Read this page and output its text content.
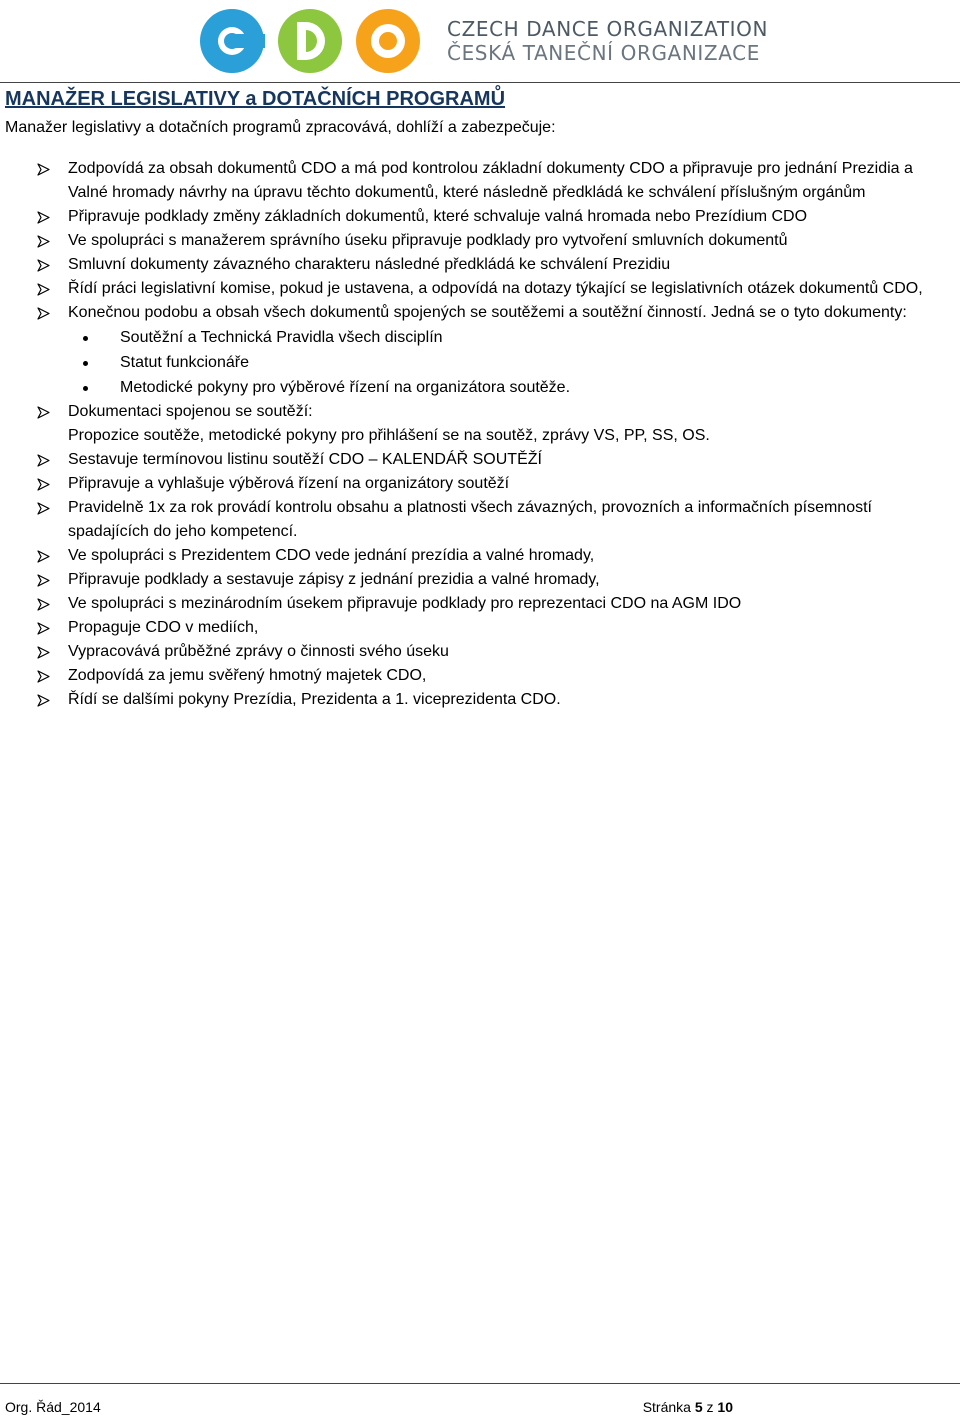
CZECH DANCE ORGANIZATION
ČESKÁ TANEČNÍ ORGANIZACE
MANAŽER LEGISLATIVY a DOTAČNÍCH PROGRAMŮ
Manažer legislativy a dotačních programů zpracovává, dohlíží a zabezpečuje:
Zodpovídá za obsah dokumentů CDO a má pod kontrolou základní dokumenty CDO a připravuje pro jednání Prezidia a Valné hromady návrhy na úpravu těchto dokumentů, které následně předkládá ke schválení příslušným orgánům
Připravuje podklady změny základních dokumentů, které schvaluje valná hromada nebo Prezídium CDO
Ve spolupráci s manažerem správního úseku připravuje podklady pro vytvoření smluvních dokumentů
Smluvní dokumenty závazného charakteru následné předkládá ke schválení Prezidiu
Řídí práci legislativní komise, pokud je ustavena, a odpovídá na dotazy týkající se legislativních otázek dokumentů CDO,
Konečnou podobu a obsah všech dokumentů spojených se soutěžemi a soutěžní činností. Jedná se o tyto dokumenty:
Soutěžní a Technická Pravidla všech disciplín
Statut funkcionáře
Metodické pokyny pro výběrové řízení na organizátora soutěže.
Dokumentaci spojenou se soutěží:
Propozice soutěže, metodické pokyny pro přihlášení se na soutěž, zprávy VS, PP, SS, OS.
Sestavuje termínovou listinu soutěží CDO – KALENDÁŘ SOUTĚŽÍ
Připravuje a vyhlašuje výběrová řízení na organizátory soutěží
Pravidelně 1x za rok provádí kontrolu obsahu a platnosti všech závazných, provozních a informačních písemností spadajících do jeho kompetencí.
Ve spolupráci s Prezidentem CDO vede jednání prezídia a valné hromady,
Připravuje podklady a sestavuje zápisy z jednání prezidia a valné hromady,
Ve spolupráci s mezinárodním úsekem připravuje podklady pro reprezentaci CDO na AGM IDO
Propaguje CDO v mediích,
Vypracovává průběžné zprávy o činnosti svého úseku
Zodpovídá za jemu svěřený hmotný majetek CDO,
Řídí se dalšími pokyny Prezídia, Prezidenta a 1. viceprezidenta CDO.
Org. Řád_2014	Stránka 5 z 10
